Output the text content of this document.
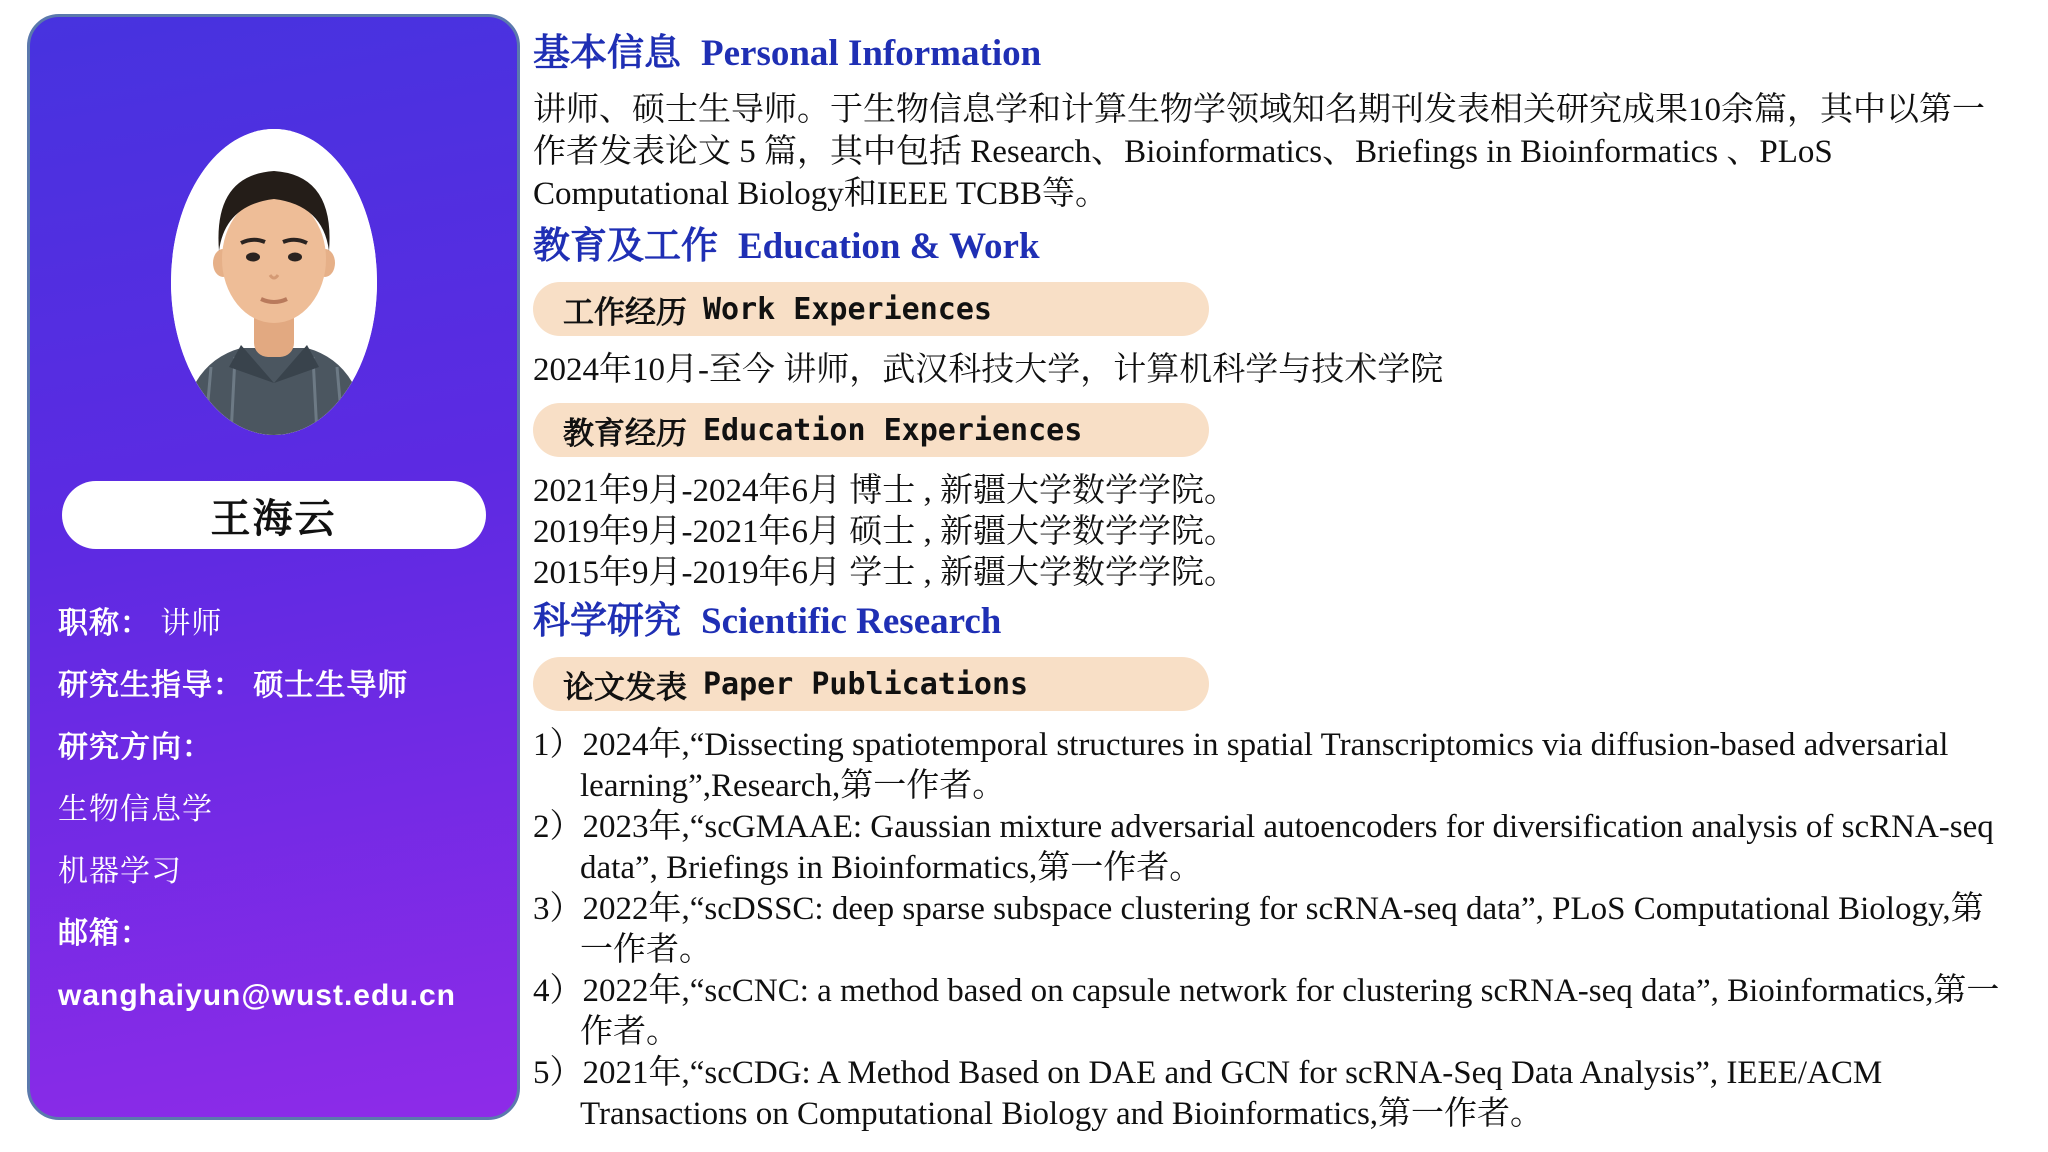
王海云
职称： 讲师
研究生指导： 硕士生导师
研究方向：
生物信息学
机器学习
邮箱：
wanghaiyun@wust.edu.cn
基本信息 Personal Information

讲师、硕士生导师。于生物信息学和计算生物学领域知名期刊发表相关研究成果10余篇，其中以第一作者发表论文 5 篇，其中包括 Research、Bioinformatics、Briefings in Bioinformatics 、PLoS Computational Biology和IEEE TCBB等。

教育及工作 Education & Work
工作经历 Work Experiences
2024年10月-至今 讲师，武汉科技大学，计算机科学与技术学院
教育经历 Education Experiences
2021年9月-2024年6月 博士 , 新疆大学数学学院。
2019年9月-2021年6月 硕士 , 新疆大学数学学院。
2015年9月-2019年6月 学士 , 新疆大学数学学院。
科学研究 Scientific Research
论文发表 Paper Publications
1）2024年,“Dissecting spatiotemporal structures in spatial Transcriptomics via diffusion-based adversarial learning”,Research,第一作者。
2）2023年,“scGMAAE: Gaussian mixture adversarial autoencoders for diversification analysis of scRNA-seq data”, Briefings in Bioinformatics,第一作者。
3）2022年,“scDSSC: deep sparse subspace clustering for scRNA-seq data”, PLoS Computational Biology,第一作者。
4）2022年,“scCNC: a method based on capsule network for clustering scRNA-seq data”, Bioinformatics,第一作者。
5）2021年,“scCDG: A Method Based on DAE and GCN for scRNA-Seq Data Analysis”, IEEE/ACM Transactions on Computational Biology and Bioinformatics,第一作者。
